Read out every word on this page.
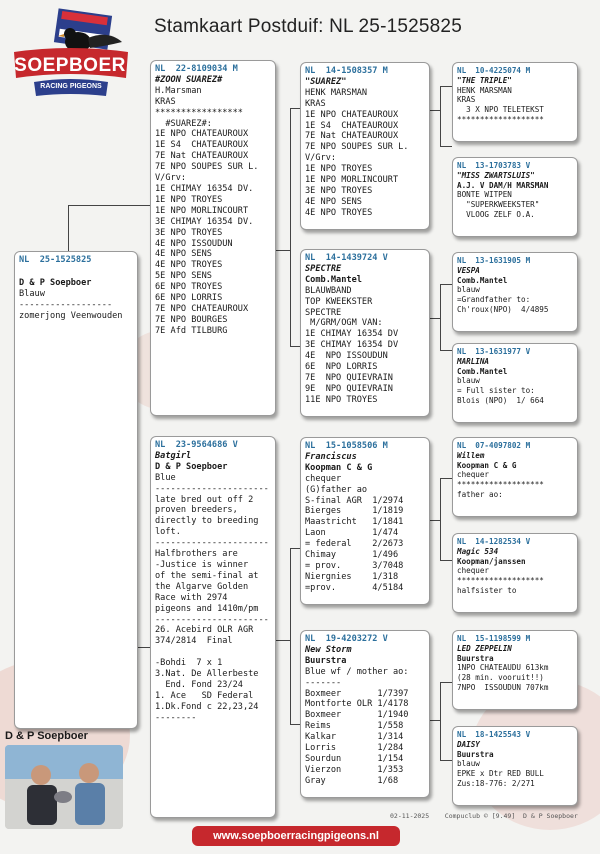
SOEPBOER
RACING PIGEONS
Stamkaart Postduif: NL 25-1525825
NL  25-1525825
D & P Soepboer
Blauw
------------------
zomerjong Veenwouden
NL  22-8109034 M
#ZOON SUAREZ#
H.Marsman
KRAS
*****************
#SUAREZ#:
1E NPO CHATEAUROUX
1E S4  CHATEAUROUX
7E Nat CHATEAUROUX
7E NPO SOUPES SUR L.
V/Grv:
1E CHIMAY 16354 DV.
1E NPO TROYES
1E NPO MORLINCOURT
3E CHIMAY 16354 DV.
3E NPO TROYES
4E NPO ISSOUDUN
4E NPO SENS
4E NPO TROYES
5E NPO SENS
6E NPO TROYES
6E NPO LORRIS
7E NPO CHATEAUROUX
7E NPO BOURGES
7E Afd TILBURG
NL  23-9564686 V
Batgirl
D & P Soepboer
Blue
----------------------
late bred out off 2
proven breeders,
directly to breeding
loft.
----------------------
Halfbrothers are
-Justice is winner
of the semi-final at
the Algarve Golden
Race with 2974
pigeons and 1410m/pm
----------------------
26. Acebird OLR AGR
374/2814  Final

-Bohdi  7 x 1
3.Nat. De Allerbeste
End. Fond 23/24
1. Ace   SD Federal
1.Dk.Fond c 22,23,24
--------
NL  14-1508357 M
"SUAREZ"
HENK MARSMAN
KRAS
1E NPO CHATEAUROUX
1E S4  CHATEAUROUX
7E Nat CHATEAUROUX
7E NPO SOUPES SUR L.
V/Grv:
1E NPO TROYES
1E NPO MORLINCOURT
3E NPO TROYES
4E NPO SENS
4E NPO TROYES
NL  14-1439724 V
SPECTRE
Comb.Mantel
BLAUWBAND
TOP KWEEKSTER
SPECTRE
M/GRM/OGM VAN:
1E CHIMAY 16354 DV
3E CHIMAY 16354 DV
4E  NPO ISSOUDUN
6E  NPO LORRIS
7E  NPO QUIEVRAIN
9E  NPO QUIEVRAIN
11E NPO TROYES
NL  15-1058506 M
Franciscus
Koopman C & G
chequer
(G)father ao
S-final AGR  1/2974
Bierges      1/1819
Maastricht   1/1841
Laon         1/474
= federal    2/2673
Chimay       1/496
= prov.      3/7048
Niergnies    1/318
=prov.       4/5184
NL  19-4203272 V
New Storm
Buurstra
Blue wf / mother ao:
-------
Boxmeer       1/7397
Montforte OLR 1/4178
Boxmeer       1/1940
Reims         1/558
Kalkar        1/314
Lorris        1/284
Sourdun       1/154
Vierzon       1/353
Gray          1/68
NL  10-4225074 M
"THE TRIPLE"
HENK MARSMAN
KRAS
3 X NPO TELETEKST
*******************
NL  13-1703783 V
"MISS ZWARTSLUIS"
A.J. V DAM/H MARSMAN
BONTE WITPEN
"SUPERKWEEKSTER"
VLOOG ZELF O.A.
NL  13-1631905 M
VESPA
Comb.Mantel
blauw
=Grandfather to:
Ch'roux(NPO)  4/4895
NL  13-1631977 V
MARLINA
Comb.Mantel
blauw
= Full sister to:
Blois (NPO)  1/ 664
NL  07-4097802 M
Willem
Koopman C & G
chequer
*******************
father ao:
NL  14-1282534 V
Magic 534
Koopman/janssen
chequer
*******************
halfsister to
NL  15-1198599 M
LED ZEPPELIN
Buurstra
1NPO CHATEAUDU 613km
(28 min. vooruit!!)
7NPO  ISSOUDUN 707km
NL  18-1425543 V
DAISY
Buurstra
blauw
EPKE x Dtr RED BULL
Zus:18-776: 2/271
D & P Soepboer
02-11-2025    Compuclub © [9.49]  D & P Soepboer
www.soepboerracingpigeons.nl
